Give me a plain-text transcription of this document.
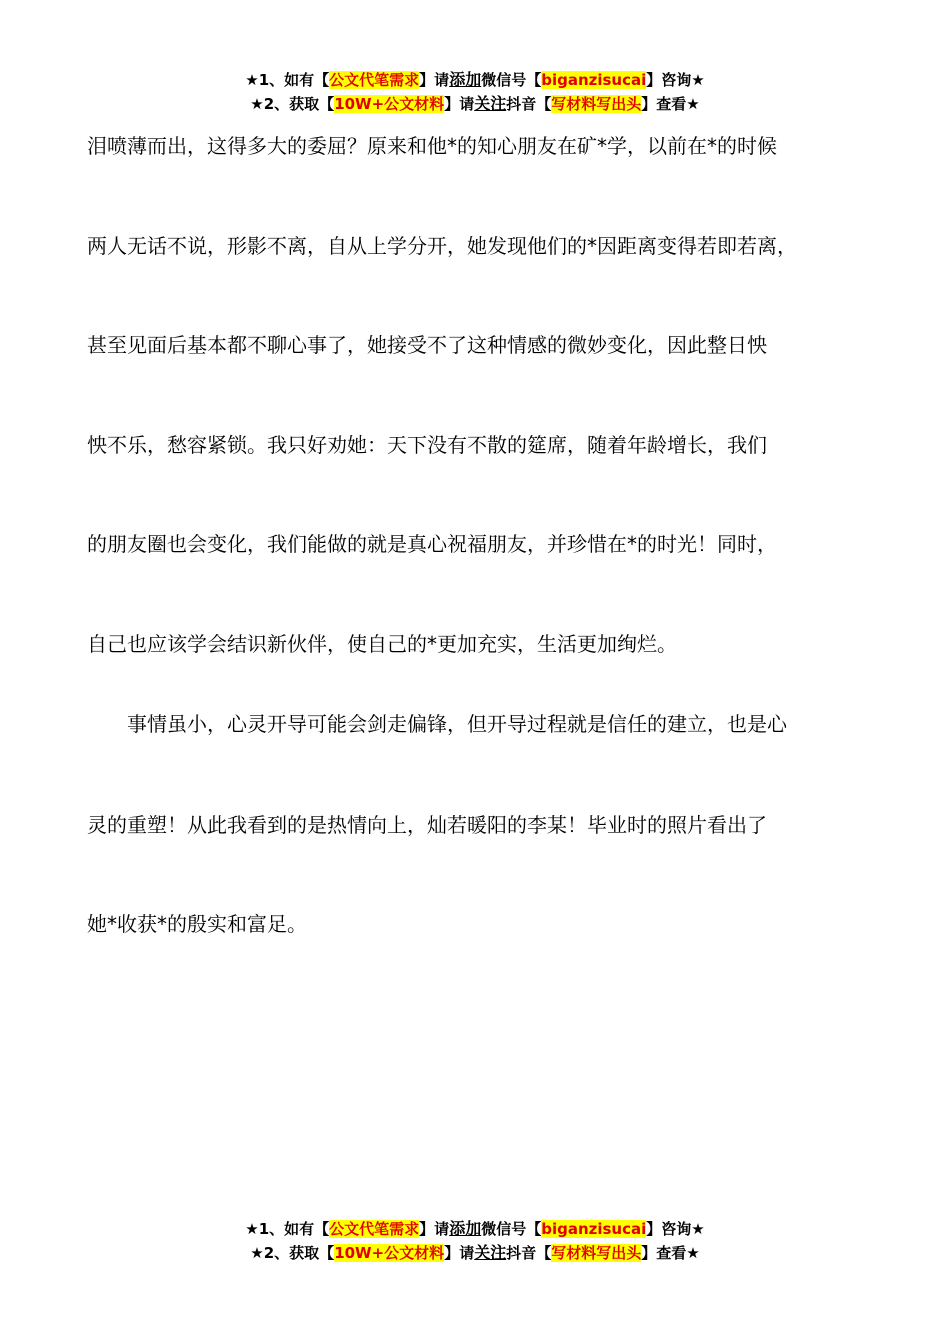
★1、如有【公文代笔需求】请添加微信号【biganzisucai】咨询★
★2、获取【10W+公文材料】请关注抖音【写材料写出头】查看★
泪喷薄而出，这得多大的委屈？原来和他*的知心朋友在矿*学，以前在*的时候
两人无话不说，形影不离，自从上学分开，她发现他们的*因距离变得若即若离，
甚至见面后基本都不聊心事了，她接受不了这种情感的微妙变化，因此整日怏
怏不乐，愁容紧锁。我只好劝她：天下没有不散的筵席，随着年龄增长，我们
的朋友圈也会变化，我们能做的就是真心祝福朋友，并珍惜在*的时光！同时，
自己也应该学会结识新伙伴，使自己的*更加充实，生活更加绚烂。
　　事情虽小，心灵开导可能会剑走偏锋，但开导过程就是信任的建立，也是心
灵的重塑！从此我看到的是热情向上，灿若暖阳的李某！毕业时的照片看出了
她*收获*的殷实和富足。
★1、如有【公文代笔需求】请添加微信号【biganzisucai】咨询★
★2、获取【10W+公文材料】请关注抖音【写材料写出头】查看★
